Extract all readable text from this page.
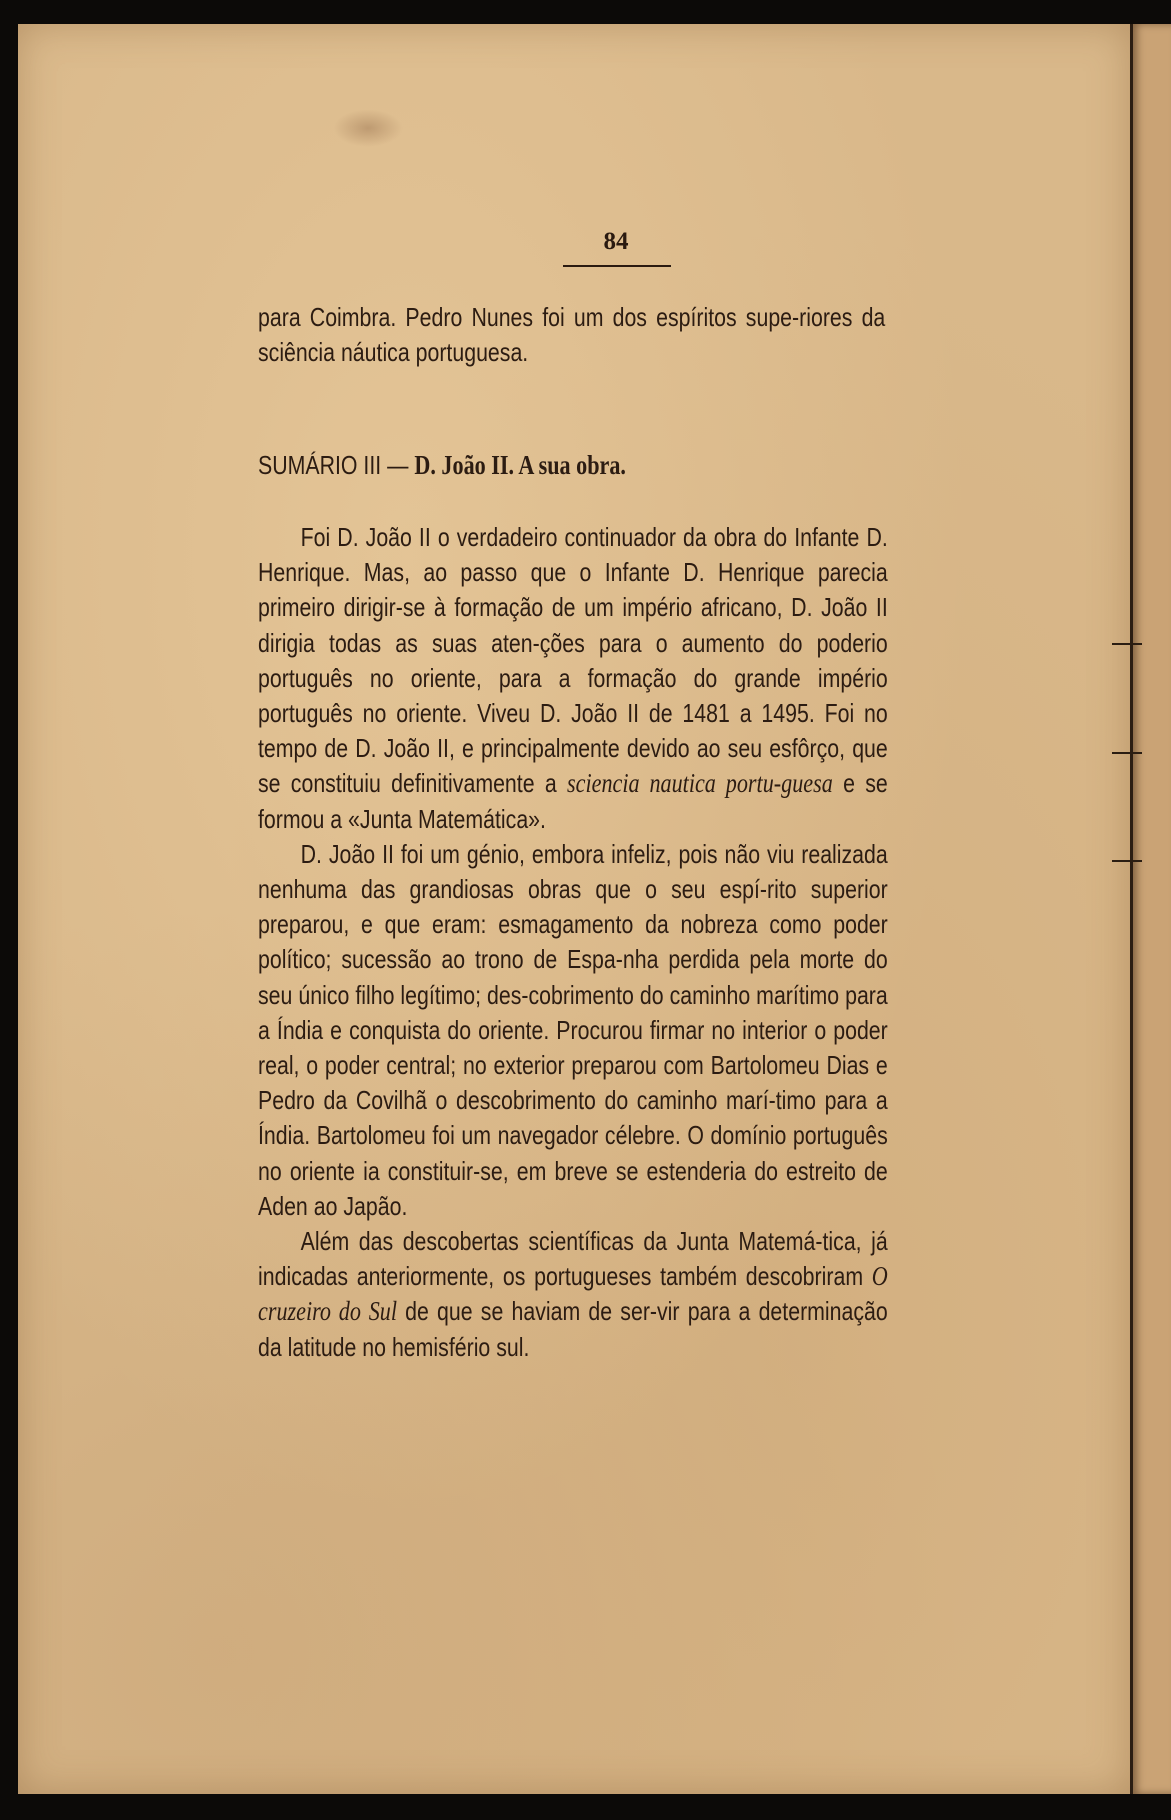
84

para Coimbra. Pedro Nunes foi um dos espíritos supe-riores da sciência náutica portuguesa.

SUMÁRIO III — D. João II. A sua obra.

Foi D. João II o verdadeiro continuador da obra do Infante D. Henrique. Mas, ao passo que o Infante D. Henrique parecia primeiro dirigir-se à formação de um império africano, D. João II dirigia todas as suas aten-ções para o aumento do poderio português no oriente, para a formação do grande império português no oriente. Viveu D. João II de 1481 a 1495. Foi no tempo de D. João II, e principalmente devido ao seu esfôrço, que se constituiu definitivamente a sciencia nautica portu-guesa e se formou a «Junta Matemática».

D. João II foi um génio, embora infeliz, pois não viu realizada nenhuma das grandiosas obras que o seu espí-rito superior preparou, e que eram: esmagamento da nobreza como poder político; sucessão ao trono de Espa-nha perdida pela morte do seu único filho legítimo; des-cobrimento do caminho marítimo para a Índia e conquista do oriente. Procurou firmar no interior o poder real, o poder central; no exterior preparou com Bartolomeu Dias e Pedro da Covilhã o descobrimento do caminho marí-timo para a Índia. Bartolomeu foi um navegador célebre. O domínio português no oriente ia constituir-se, em breve se estenderia do estreito de Aden ao Japão.

Além das descobertas scientíficas da Junta Matemá-tica, já indicadas anteriormente, os portugueses também descobriram O cruzeiro do Sul de que se haviam de ser-vir para a determinação da latitude no hemisfério sul.
